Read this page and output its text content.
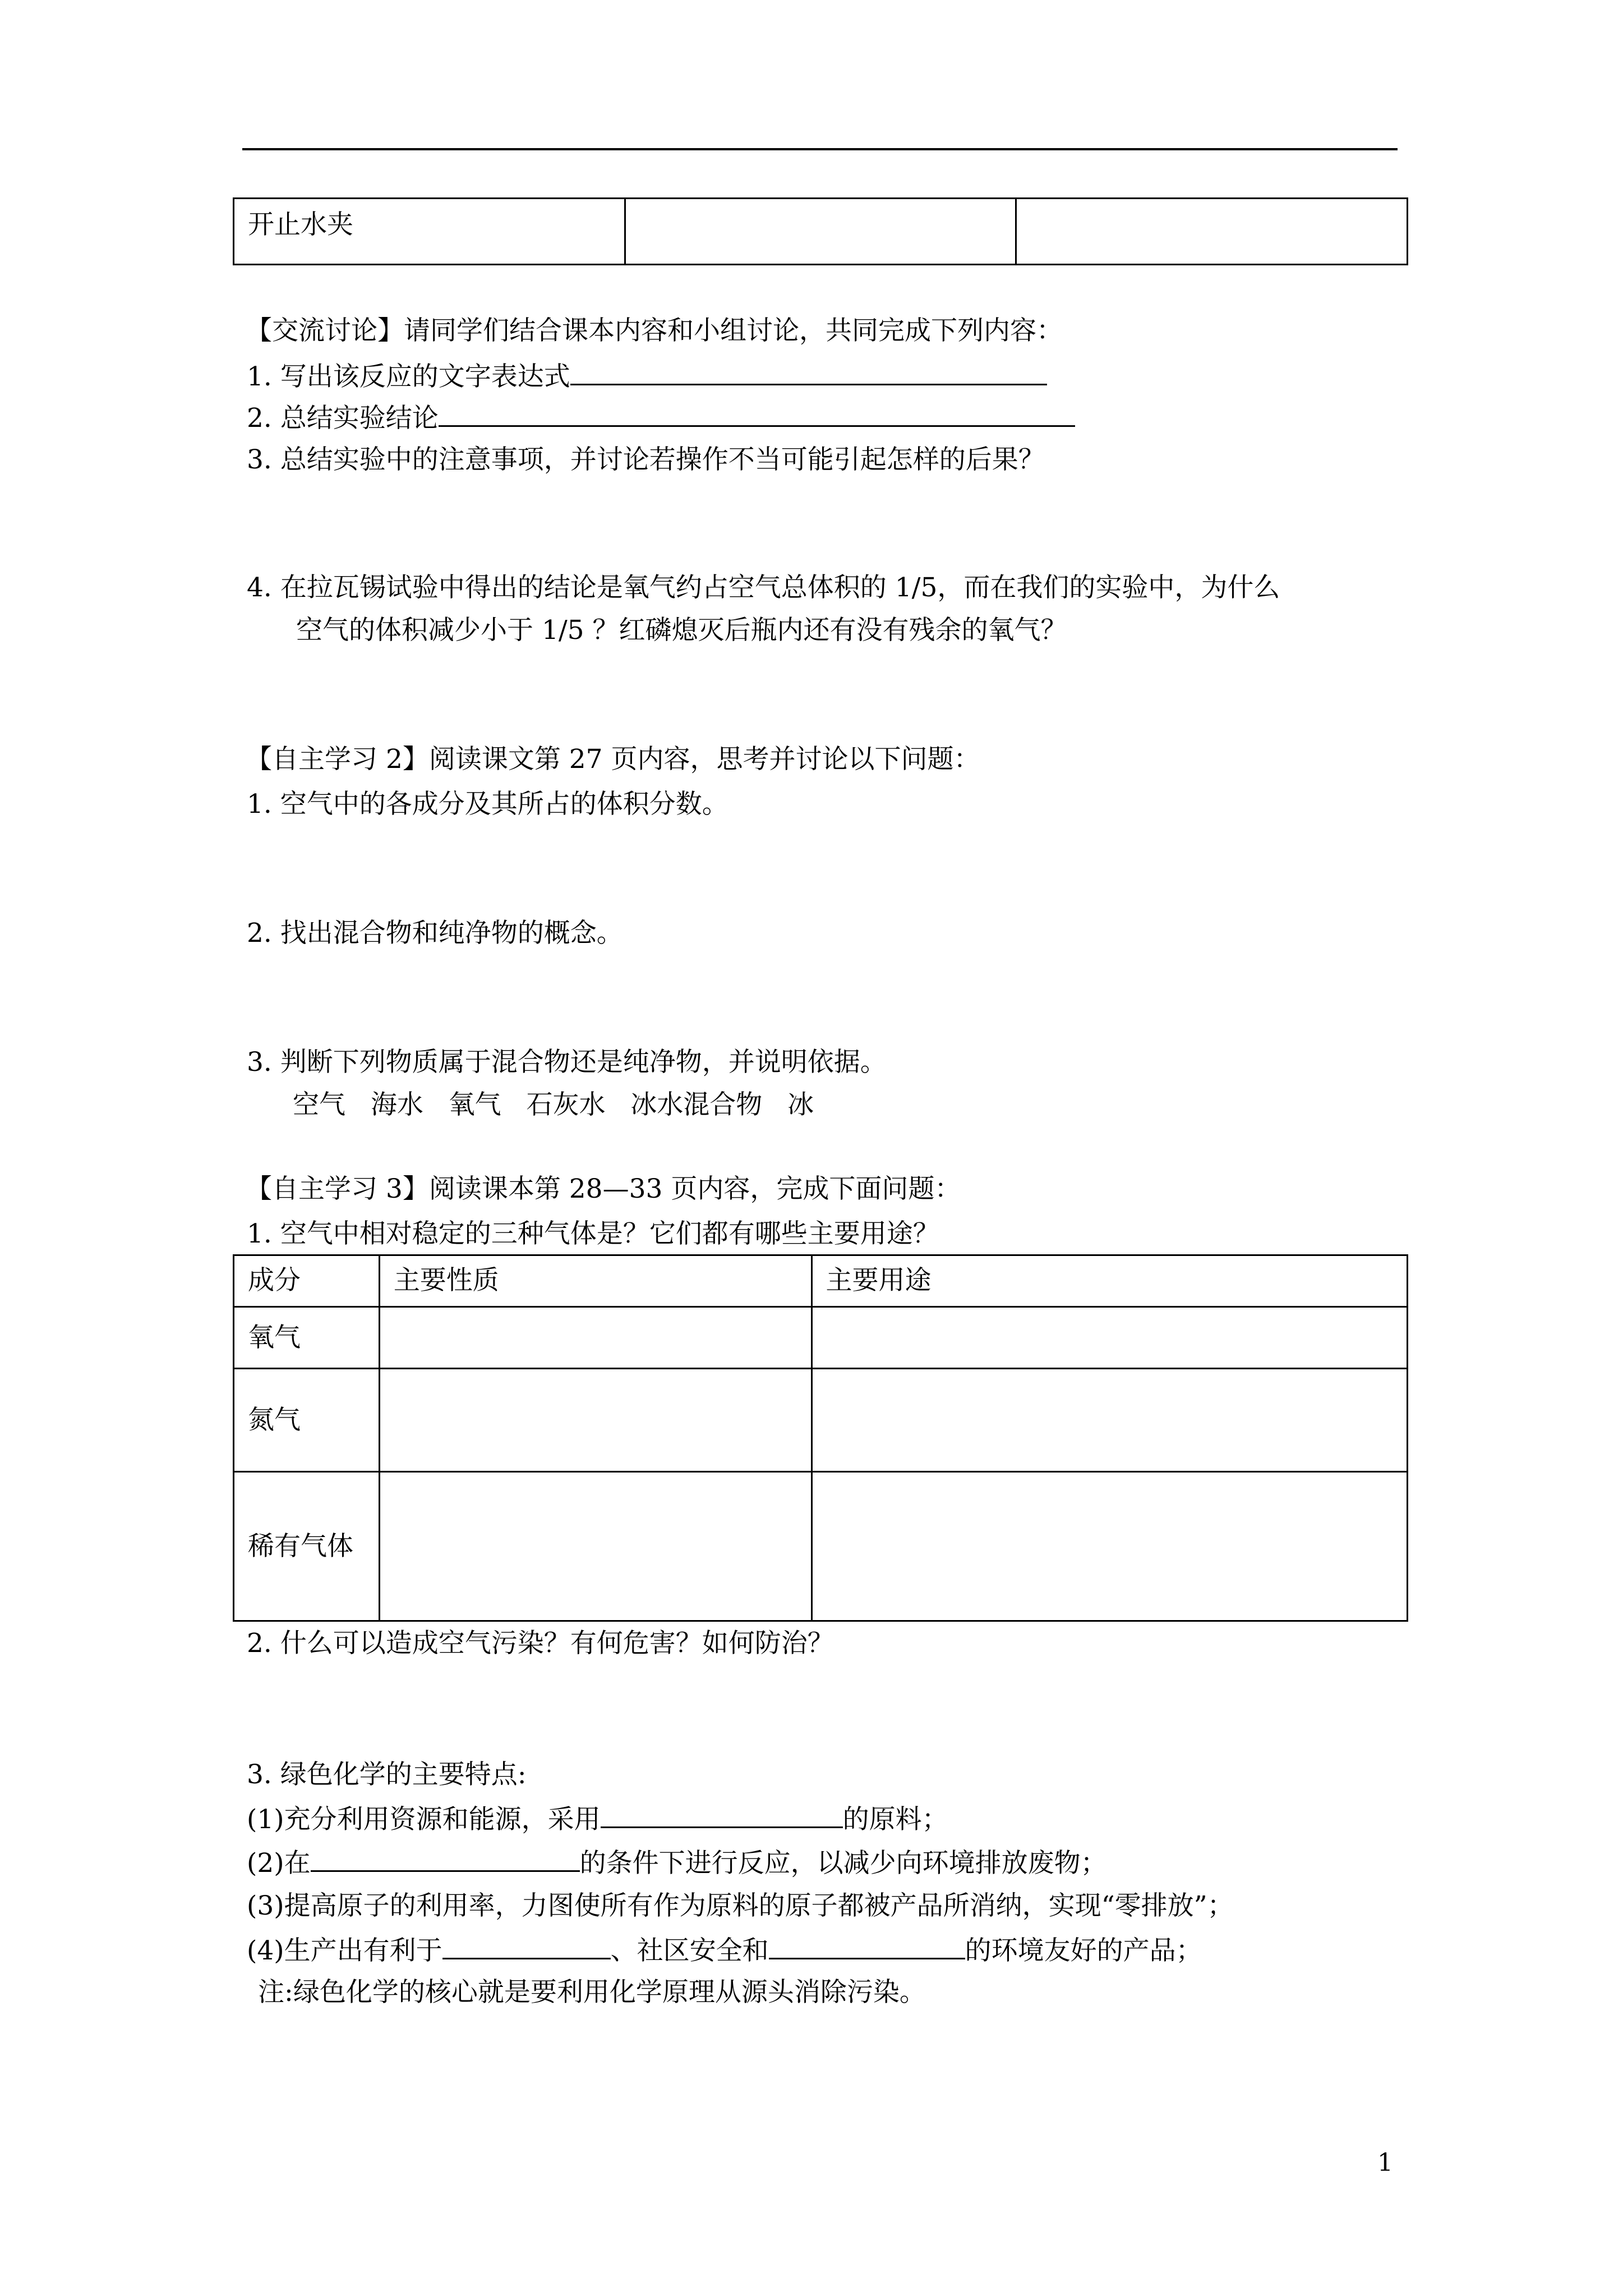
开止水夹

【交流讨论】请同学们结合课本内容和小组讨论，共同完成下列内容：
1. 写出该反应的文字表达式
2. 总结实验结论
3. 总结实验中的注意事项，并讨论若操作不当可能引起怎样的后果？
4. 在拉瓦锡试验中得出的结论是氧气约占空气总体积的 1/5，而在我们的实验中，为什么
空气的体积减少小于 1/5 ？红磷熄灭后瓶内还有没有残余的氧气？
【自主学习 2】阅读课文第 27 页内容，思考并讨论以下问题：
1. 空气中的各成分及其所占的体积分数。
2. 找出混合物和纯净物的概念。
3. 判断下列物质属于混合物还是纯净物，并说明依据。
空气   海水   氧气   石灰水   冰水混合物   冰
【自主学习 3】阅读课本第 28—33 页内容，完成下面问题：
1. 空气中相对稳定的三种气体是？它们都有哪些主要用途？
成分	主要性质	主要用途

氧气		

氮气		

稀有气体		

2. 什么可以造成空气污染？有何危害？如何防治？
3. 绿色化学的主要特点:
(1)充分利用资源和能源，采用	的原料；
(2)在	的条件下进行反应，以减少向环境排放废物；
(3)提高原子的利用率，力图使所有作为原料的原子都被产品所消纳，实现“零排放”；
(4)生产出有利于	、社区安全和	的环境友好的产品；
注:绿色化学的核心就是要利用化学原理从源头消除污染。
1
